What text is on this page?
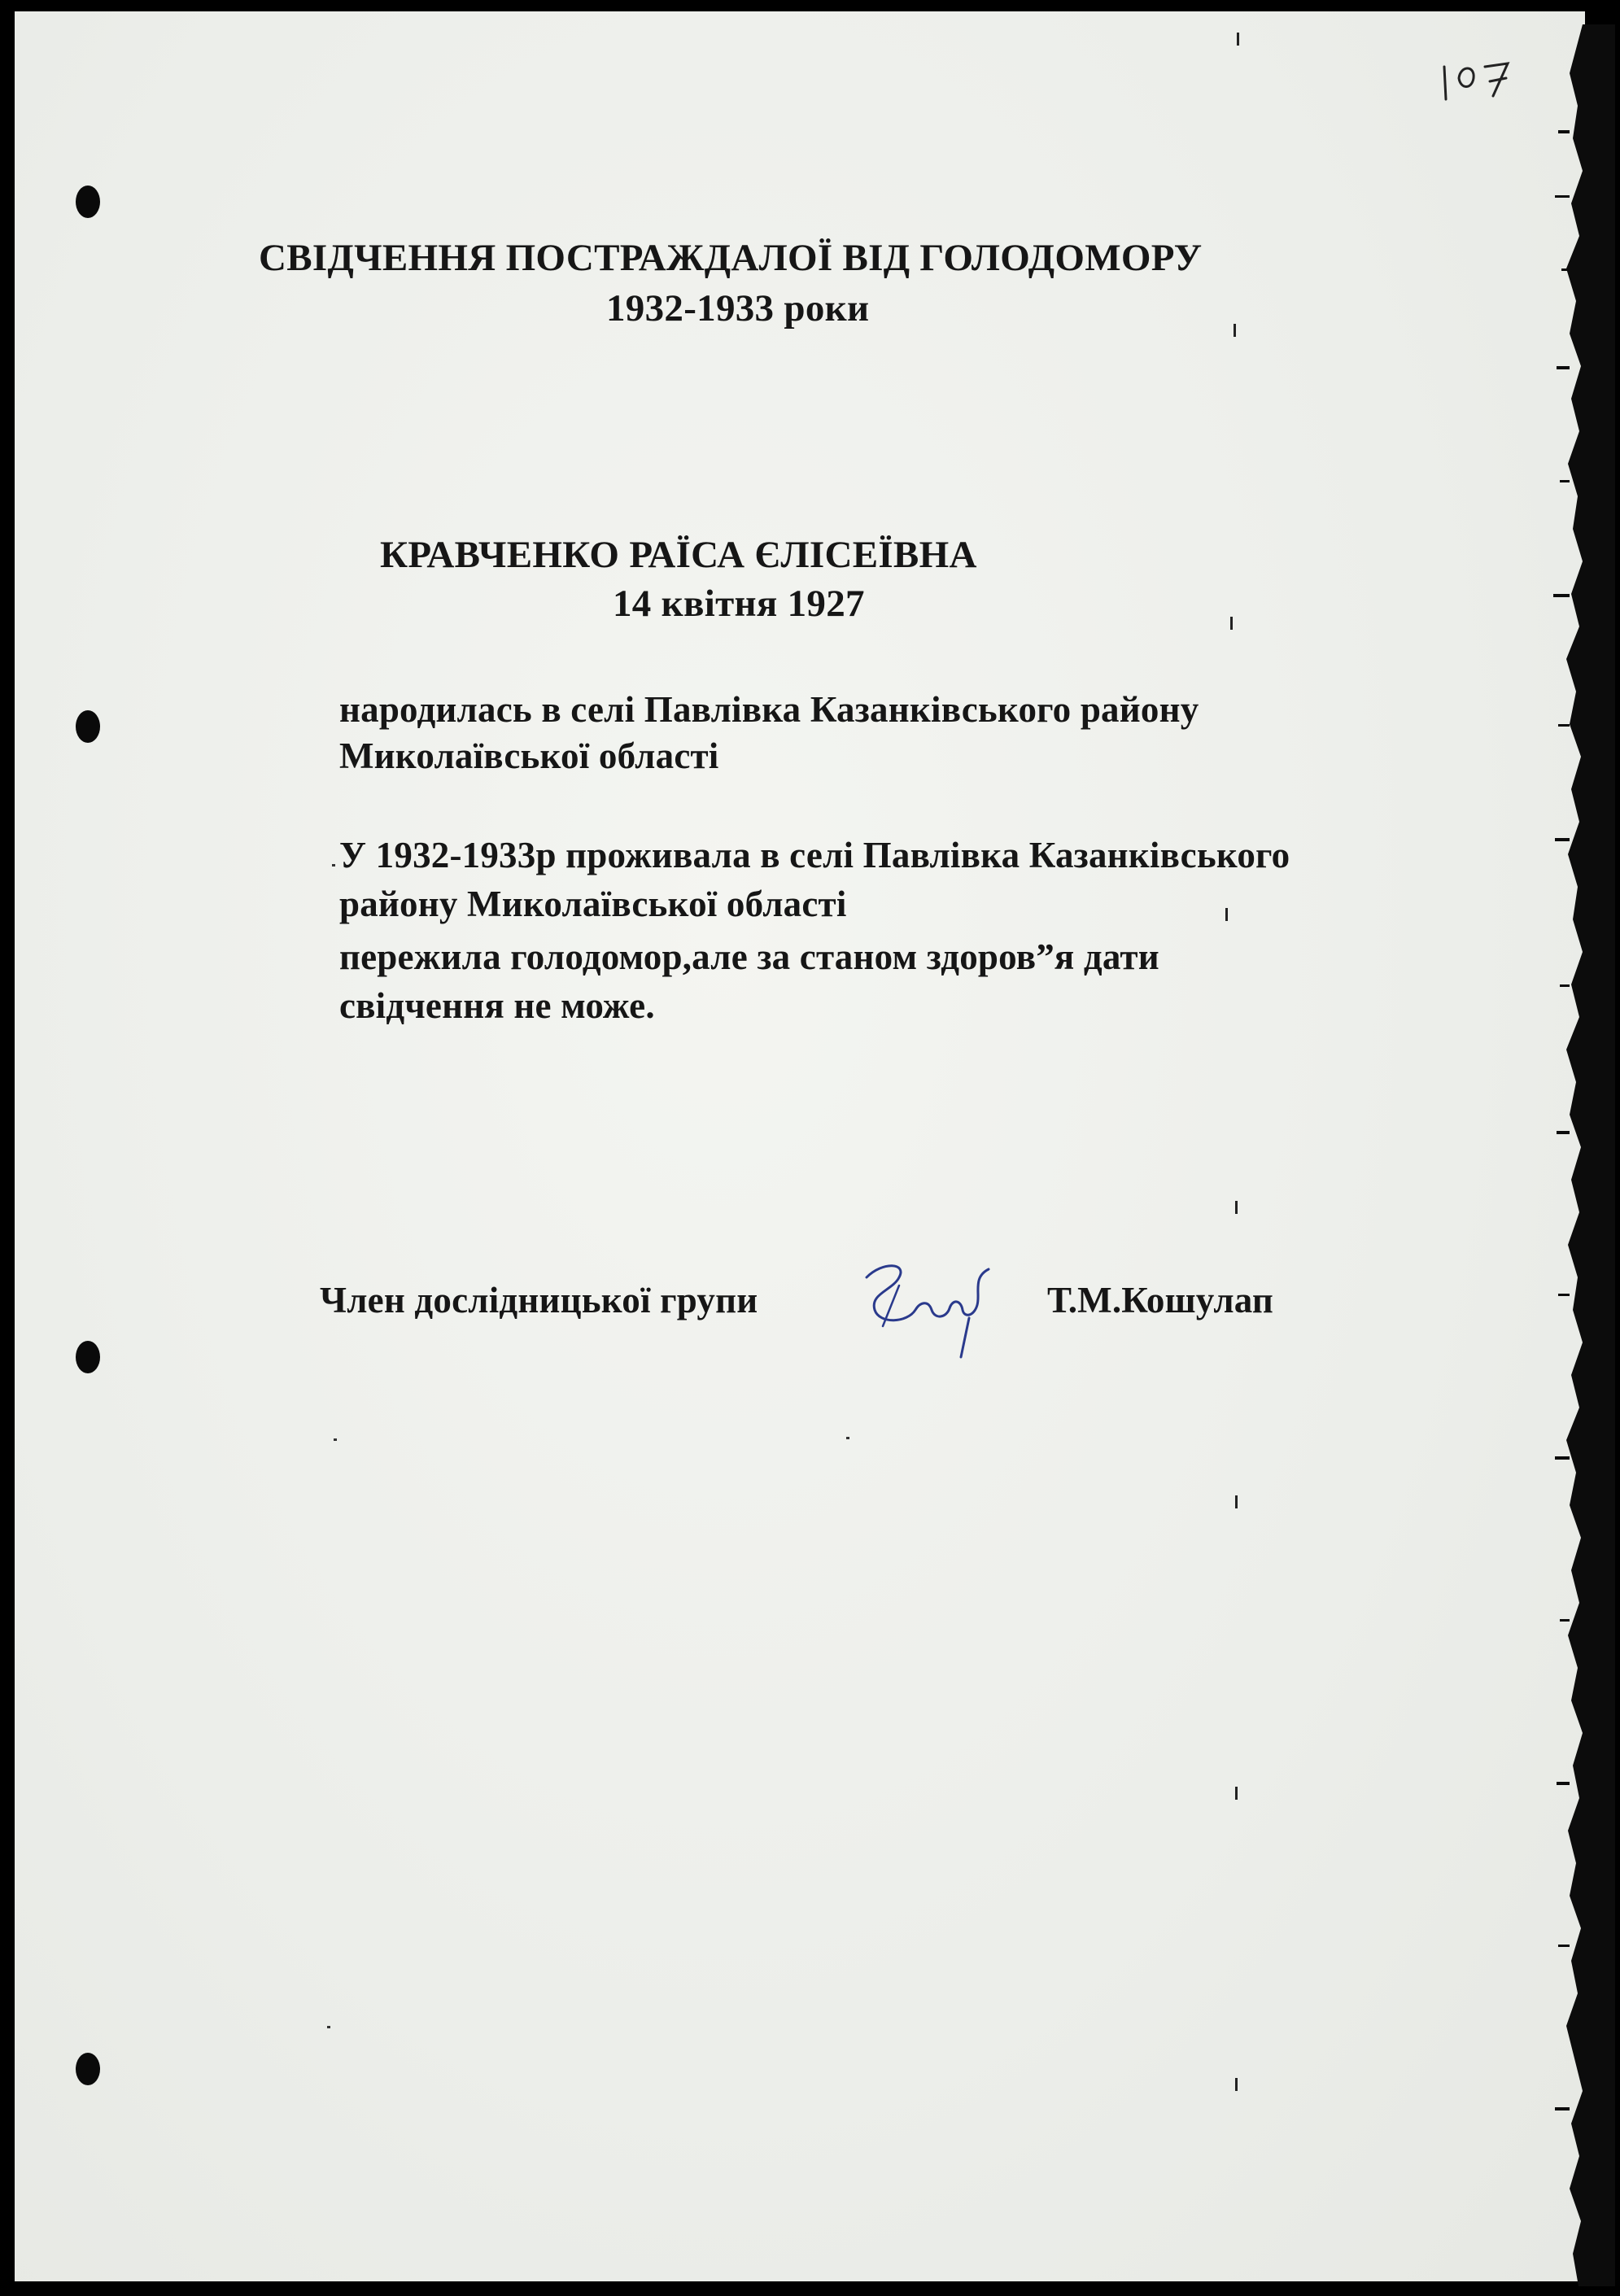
СВІДЧЕННЯ ПОСТРАЖДАЛОЇ ВІД ГОЛОДОМОРУ

1932-1933 роки

КРАВЧЕНКО РАЇСА ЄЛІСЕЇВНА

14 квітня 1927

народилась в селі Павлівка Казанківського району

Миколаївської області

У 1932-1933р проживала в селі Павлівка Казанківського

району Миколаївської області

пережила голодомор,але за станом здоров”я дати

свідчення не може.

Член дослідницької групи	Т.М.Кошулап
